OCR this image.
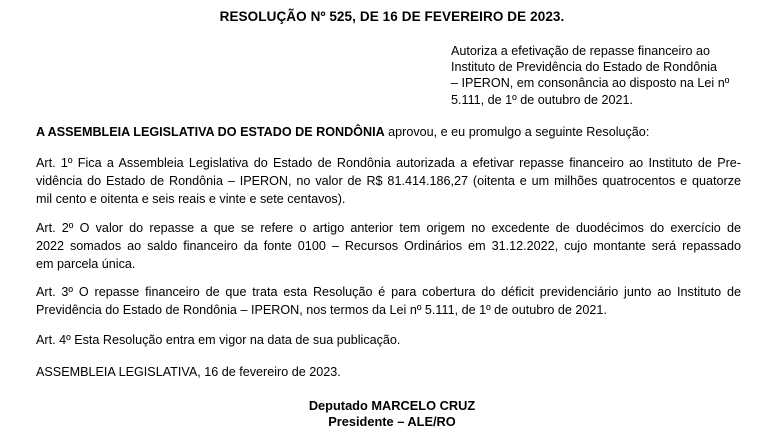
RESOLUÇÃO Nº 525, DE 16 DE FEVEREIRO DE 2023.
Autoriza a efetivação de repasse financeiro ao
Instituto de Previdência do Estado de Rondônia
– IPERON, em consonância ao disposto na Lei nº
5.111, de 1º de outubro de 2021.
A ASSEMBLEIA LEGISLATIVA DO ESTADO DE RONDÔNIA aprovou, e eu promulgo a seguinte Resolução:
Art. 1º Fica a Assembleia Legislativa do Estado de Rondônia autorizada a efetivar repasse financeiro ao Instituto de Pre-
vidência do Estado de Rondônia – IPERON, no valor de R$ 81.414.186,27 (oitenta e um milhões quatrocentos e quatorze
mil cento e oitenta e seis reais e vinte e sete centavos).
Art. 2º O valor do repasse a que se refere o artigo anterior tem origem no excedente de duodécimos do exercício de
2022 somados ao saldo financeiro da fonte 0100 – Recursos Ordinários em 31.12.2022, cujo montante será repassado
em parcela única.
Art. 3º O repasse financeiro de que trata esta Resolução é para cobertura do déficit previdenciário junto ao Instituto de
Previdência do Estado de Rondônia – IPERON, nos termos da Lei nº 5.111, de 1º de outubro de 2021.
Art. 4º Esta Resolução entra em vigor na data de sua publicação.
ASSEMBLEIA LEGISLATIVA, 16 de fevereiro de 2023.
Deputado MARCELO CRUZ
Presidente – ALE/RO
